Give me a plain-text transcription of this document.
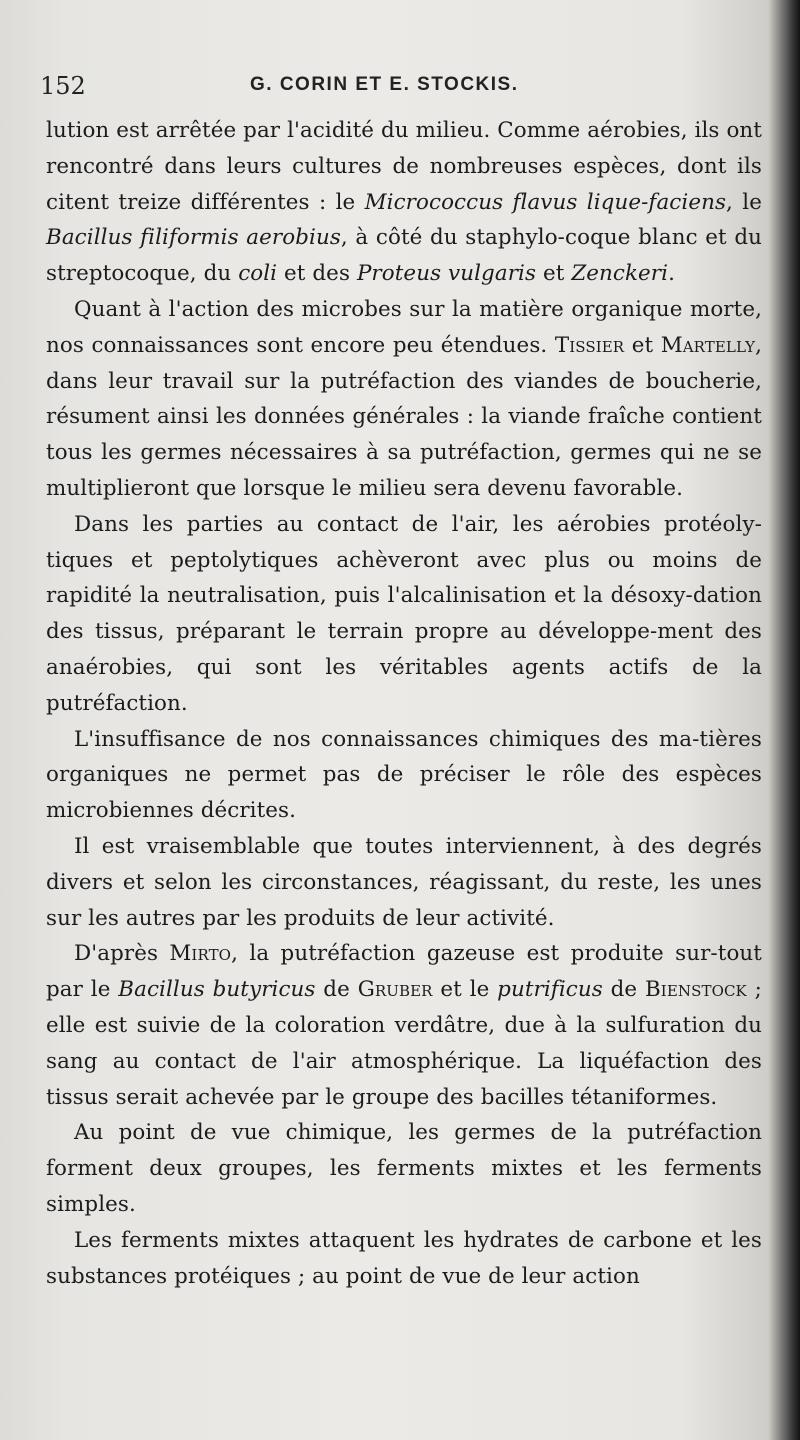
152	G. CORIN ET E. STOCKIS.

lution est arrêtée par l'acidité du milieu. Comme aérobies, ils ont rencontré dans leurs cultures de nombreuses espèces, dont ils citent treize différentes : le Micrococcus flavus lique-faciens, le Bacillus filiformis aerobius, à côté du staphylo-coque blanc et du streptocoque, du coli et des Proteus vulgaris et Zenckeri.

Quant à l'action des microbes sur la matière organique morte, nos connaissances sont encore peu étendues. Tissier et Martelly, dans leur travail sur la putréfaction des viandes de boucherie, résument ainsi les données générales : la viande fraîche contient tous les germes nécessaires à sa putréfaction, germes qui ne se multiplieront que lorsque le milieu sera devenu favorable.

Dans les parties au contact de l'air, les aérobies protéoly-tiques et peptolytiques achèveront avec plus ou moins de rapidité la neutralisation, puis l'alcalinisation et la désoxy-dation des tissus, préparant le terrain propre au développe-ment des anaérobies, qui sont les véritables agents actifs de la putréfaction.

L'insuffisance de nos connaissances chimiques des ma-tières organiques ne permet pas de préciser le rôle des espèces microbiennes décrites.

Il est vraisemblable que toutes interviennent, à des degrés divers et selon les circonstances, réagissant, du reste, les unes sur les autres par les produits de leur activité.

D'après Mirto, la putréfaction gazeuse est produite sur-tout par le Bacillus butyricus de Gruber et le putrificus de Bienstock ; elle est suivie de la coloration verdâtre, due à la sulfuration du sang au contact de l'air atmosphérique. La liquéfaction des tissus serait achevée par le groupe des bacilles tétaniformes.

Au point de vue chimique, les germes de la putréfaction forment deux groupes, les ferments mixtes et les ferments simples.

Les ferments mixtes attaquent les hydrates de carbone et les substances protéiques ; au point de vue de leur action
